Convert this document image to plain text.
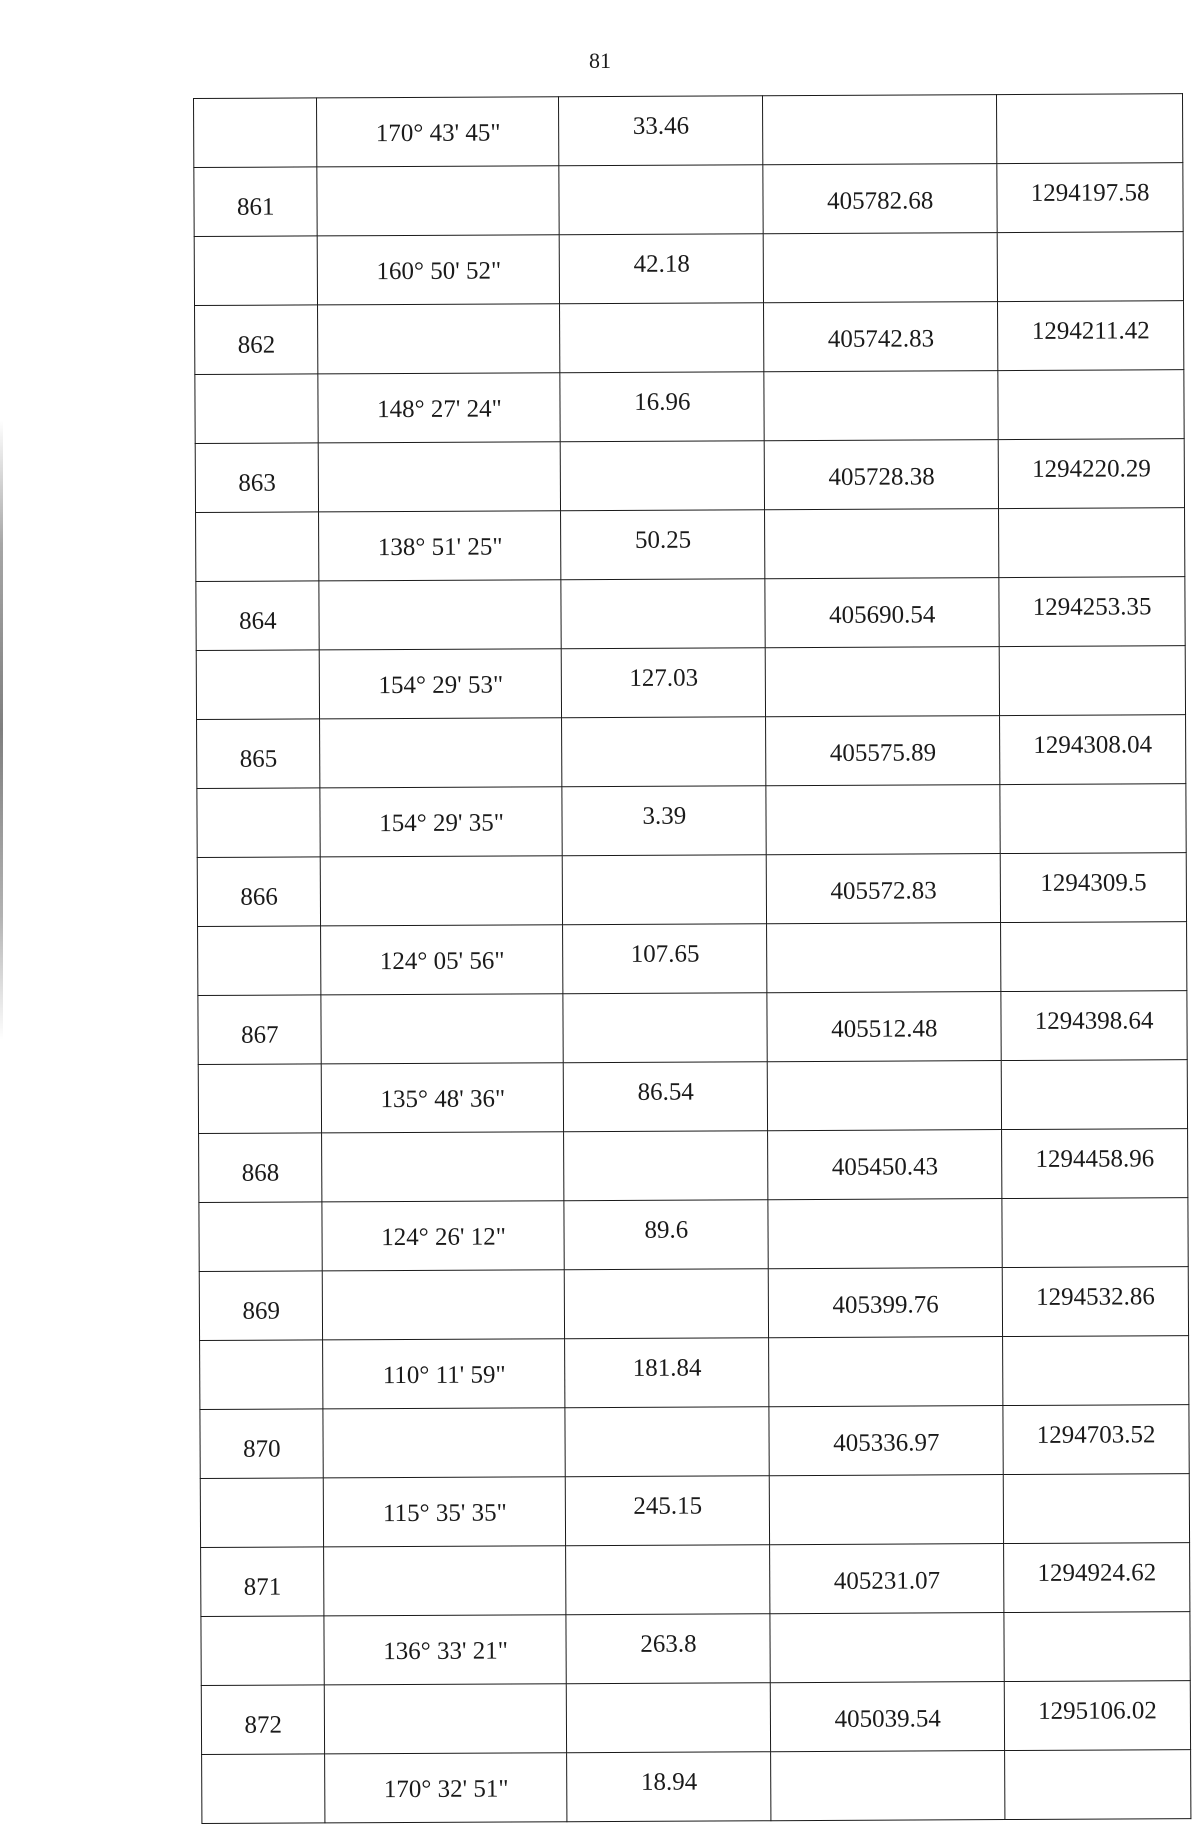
81
	170° 43' 45"	33.46		
861			405782.68	1294197.58
	160° 50' 52"	42.18		
862			405742.83	1294211.42
	148° 27' 24"	16.96		
863			405728.38	1294220.29
	138° 51' 25"	50.25		
864			405690.54	1294253.35
	154° 29' 53"	127.03		
865			405575.89	1294308.04
	154° 29' 35"	3.39		
866			405572.83	1294309.5
	124° 05' 56"	107.65		
867			405512.48	1294398.64
	135° 48' 36"	86.54		
868			405450.43	1294458.96
	124° 26' 12"	89.6		
869			405399.76	1294532.86
	110° 11' 59"	181.84		
870			405336.97	1294703.52
	115° 35' 35"	245.15		
871			405231.07	1294924.62
	136° 33' 21"	263.8		
872			405039.54	1295106.02
	170° 32' 51"	18.94		
